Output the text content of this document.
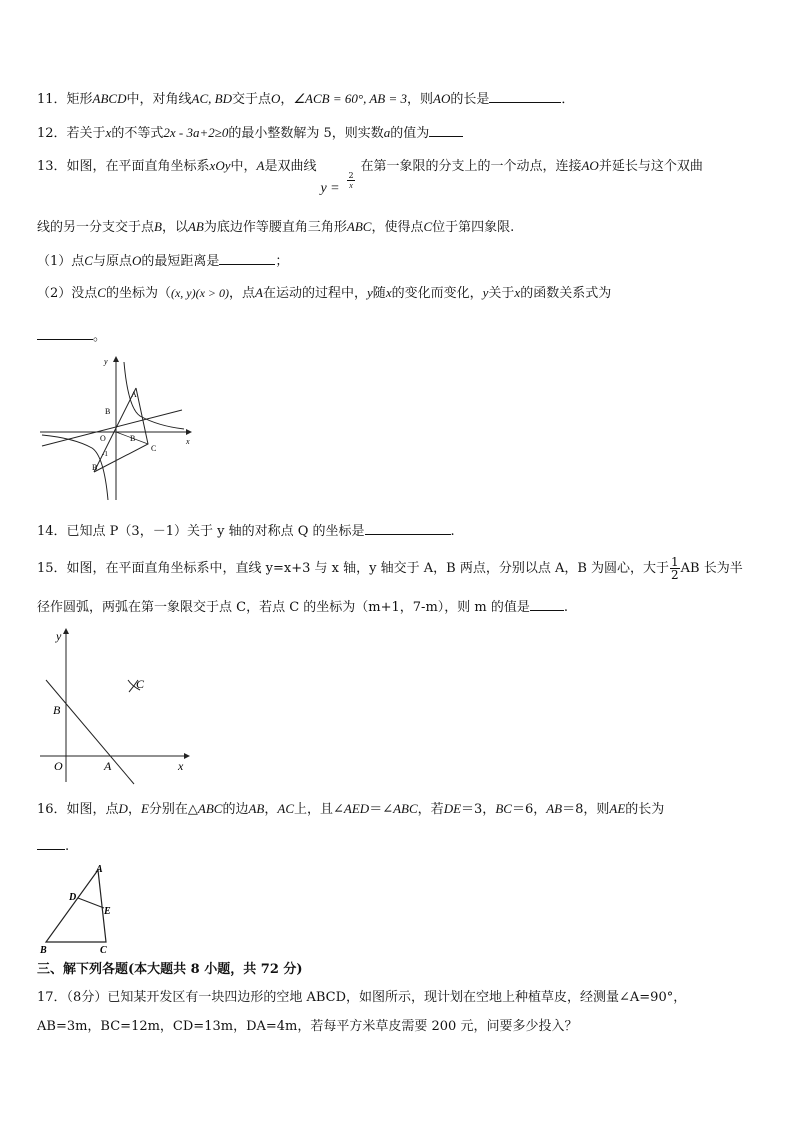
11．矩形ABCD中，对角线AC, BD交于点O，∠ACB = 60°, AB = 3，则AO的长是	．
12．若关于x的不等式2x - 3a+2≥0的最小整数解为 5，则实数a的值为
13．如图，在平面直角坐标系xOy中，A是双曲线
$y = \frac{2}{x}$
在第一象限的分支上的一个动点，连接AO并延长与这个双曲
线的另一分支交于点B，以AB为底边作等腰直角三角形ABC，使得点C位于第四象限.
（1）点C与原点O的最短距离是	；
（2）没点C的坐标为（(x, y)(x > 0)，点A在运动的过程中，y随x的变化而变化，y关于x的函数关系式为
。
x
y
A
B
O	B
C
-1
B
14．已知点 P（3，－1）关于 y 轴的对称点 Q 的坐标是	.
15．如图，在平面直角坐标系中，直线 y=x+3 与 x 轴，y 轴交于 A，B 两点，分别以点 A，B 为圆心，大于 $\frac{1}{2}$ AB 长为半
径作圆弧，两弧在第一象限交于点 C，若点 C 的坐标为（m+1，7-m），则 m 的值是	.
y
B
O	A	x
C
16．如图，点D，E分别在△ABC的边AB，AC上，且∠AED＝∠ABC，若DE＝3，BC＝6，AB＝8，则AE的长为
.
A
D
E
B	C
三、解下列各题(本大题共 8 小题，共 72 分)
17．（8分）已知某开发区有一块四边形的空地 ABCD，如图所示，现计划在空地上种植草皮，经测量∠A=90°，
AB=3m，BC=12m，CD=13m，DA=4m，若每平方米草皮需要 200 元，问要多少投入？
